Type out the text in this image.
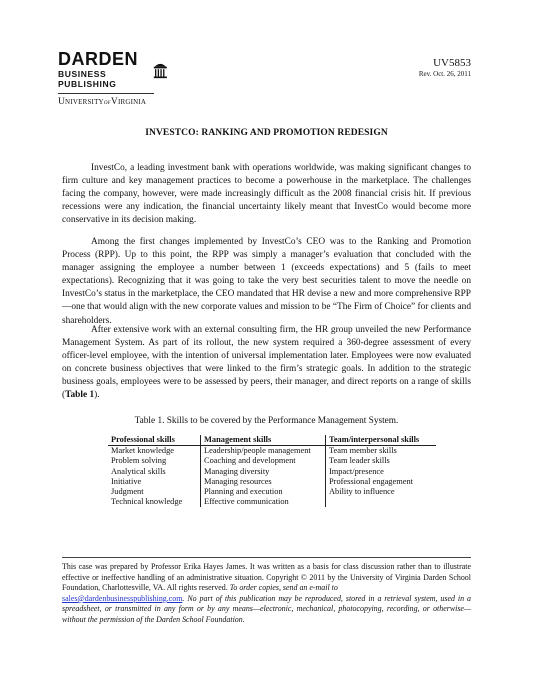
DARDEN
BUSINESS PUBLISHING
UniversityofVirginia
UV5853
Rev. Oct. 26, 2011
INVESTCO: RANKING AND PROMOTION REDESIGN

InvestCo, a leading investment bank with operations worldwide, was making significant changes to firm culture and key management practices to become a powerhouse in the marketplace. The challenges facing the company, however, were made increasingly difficult as the 2008 financial crisis hit. If previous recessions were any indication, the financial uncertainty likely meant that InvestCo would become more conservative in its decision making.

Among the first changes implemented by InvestCo’s CEO was to the Ranking and Promotion Process (RPP). Up to this point, the RPP was simply a manager’s evaluation that concluded with the manager assigning the employee a number between 1 (exceeds expectations) and 5 (fails to meet expectations). Recognizing that it was going to take the very best securities talent to move the needle on InvestCo’s status in the marketplace, the CEO mandated that HR devise a new and more comprehensive RPP—one that would align with the new corporate values and mission to be “The Firm of Choice” for clients and shareholders.

After extensive work with an external consulting firm, the HR group unveiled the new Performance Management System. As part of its rollout, the new system required a 360-degree assessment of every officer-level employee, with the intention of universal implementation later. Employees were now evaluated on concrete business objectives that were linked to the firm’s strategic goals. In addition to the strategic business goals, employees were to be assessed by peers, their manager, and direct reports on a range of skills (Table 1).

Table 1. Skills to be covered by the Performance Management System.
Professional skills	Management skills	Team/interpersonal skills
Market knowledge	Leadership/people management	Team member skills
Problem solving	Coaching and development	Team leader skills
Analytical skills	Managing diversity	Impact/presence
Initiative	Managing resources	Professional engagement
Judgment	Planning and execution	Ability to influence
Technical knowledge	Effective communication	

This case was prepared by Professor Erika Hayes James. It was written as a basis for class discussion rather than to illustrate effective or ineffective handling of an administrative situation. Copyright © 2011 by the University of Virginia Darden School Foundation, Charlottesville, VA. All rights reserved. To order copies, send an e-mail to
sales@dardenbusinesspublishing.com. No part of this publication may be reproduced, stored in a retrieval system, used in a spreadsheet, or transmitted in any form or by any means—electronic, mechanical, photocopying, recording, or otherwise—without the permission of the Darden School Foundation.
